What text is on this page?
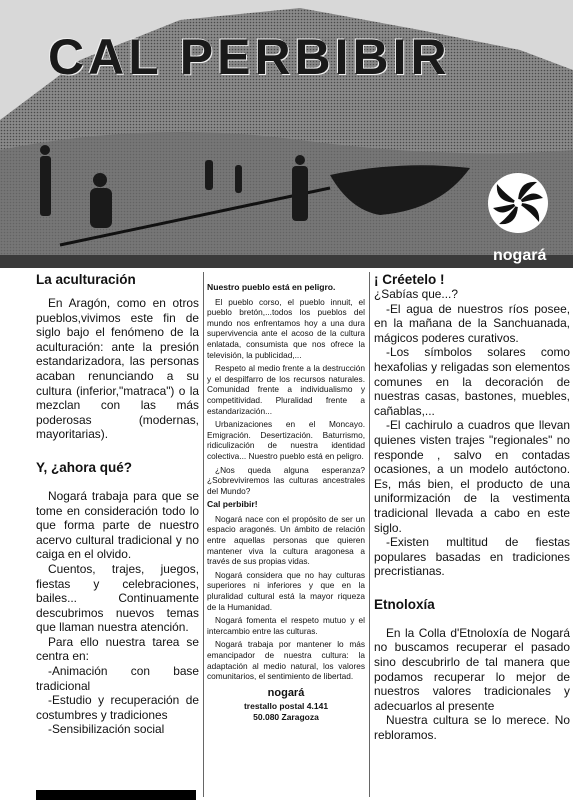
CAL PERBIBIR
nogará
La aculturación

En Aragón, como en otros pueblos,vivimos este fin de siglo bajo el fenómeno de la aculturación: ante la presión estandarizadora, las personas acaban renunciando a su cultura (inferior,"matraca") o la mezclan con las más poderosas (modernas, mayoritarias).

Y, ¿ahora qué?

Nogará trabaja para que se tome en consideración todo lo que forma parte de nuestro acervo cultural tradicional y no caiga en el olvido.

Cuentos, trajes, juegos, fiestas y celebraciones, bailes... Continuamente descubrimos nuevos temas que llaman nuestra atención.

Para ello nuestra tarea se centra en:

-Animación con base tradicional

-Estudio y recuperación de costumbres y tradiciones

-Sensibilización social

Nuestro pueblo está en peligro.

El pueblo corso, el pueblo innuit, el pueblo bretón,...todos los pueblos del mundo nos enfrentamos hoy a una dura supervivencia ante el acoso de la cultura enlatada, consumista que nos ofrece la televisión, la publicidad,...

Respeto al medio frente a la destrucción y el despilfarro de los recursos naturales. Comunidad frente a individualismo y competitividad. Pluralidad frente a estandarización...

Urbanizaciones en el Moncayo. Emigración. Desertización. Baturrismo, ridiculización de nuestra identidad colectiva... Nuestro pueblo está en peligro.

¿Nos queda alguna esperanza? ¿Sobreviviremos las culturas ancestrales del Mundo?

Cal perbibir!

Nogará nace con el propósito de ser un espacio aragonés. Un ámbito de relación entre aquellas personas que quieren mantener viva la cultura aragonesa a través de sus propias vidas.

Nogará considera que no hay culturas superiores ni inferiores y que en la pluralidad cultural está la mayor riqueza de la Humanidad.

Nogará fomenta el respeto mutuo y el intercambio entre las culturas.

Nogará trabaja por mantener lo más emancipador de nuestra cultura: la adaptación al medio natural, los valores comunitarios, el sentimiento de libertad.

nogará

trestallo postal 4.141

50.080 Zaragoza

¡ Créetelo !

¿Sabías que...?

-El agua de nuestros ríos posee, en la mañana de la Sanchuanada, mágicos poderes curativos.

-Los símbolos solares como hexafolias y religadas son elementos comunes en la decoración de nuestras casas, bastones, muebles, cañablas,...

-El cachirulo a cuadros que llevan quienes visten trajes "regionales" no responde , salvo en contadas ocasiones, a un modelo autóctono. Es, más bien, el producto de una uniformización de la vestimenta tradicional llevada a cabo en este siglo.

-Existen multitud de fiestas populares basadas en tradiciones precristianas.

Etnoloxía

En la Colla d'Etnoloxía de Nogará no buscamos recuperar el pasado sino descubrirlo de tal manera que podamos recuperar lo mejor de nuestros valores tradicionales y adecuarlos al presente

Nuestra cultura se lo merece. No rebloramos.
